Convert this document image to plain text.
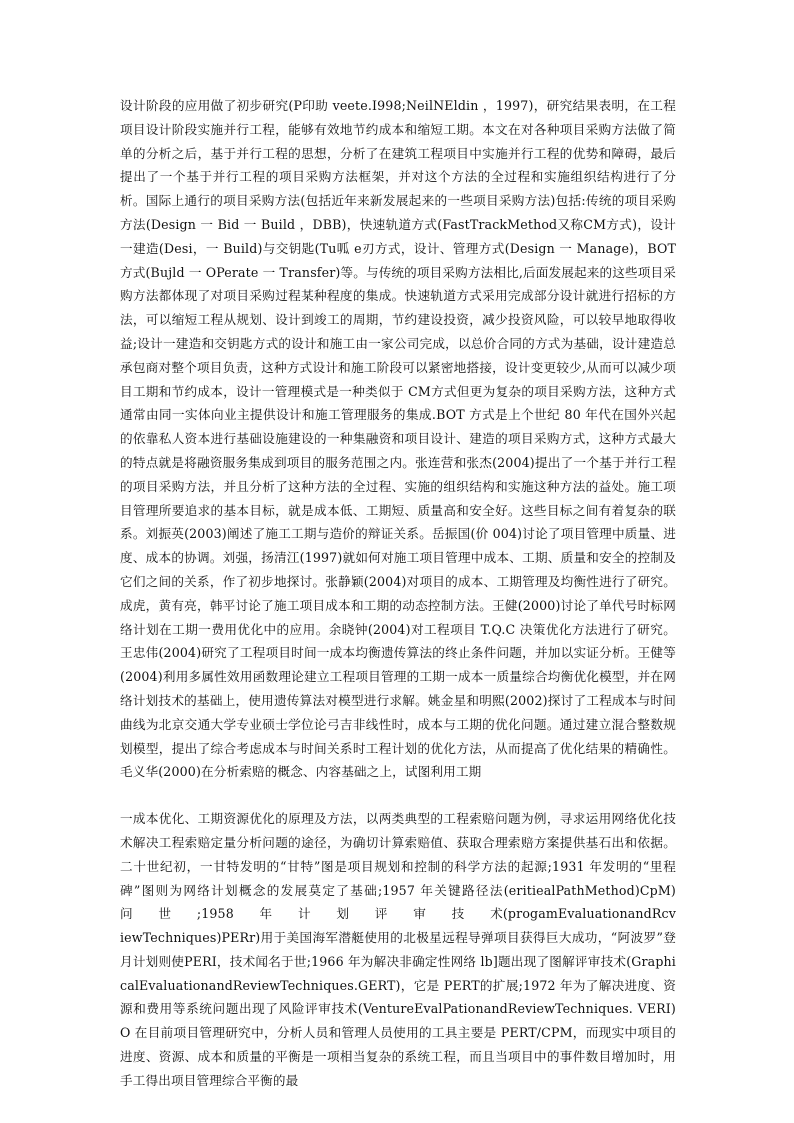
设计阶段的应用做了初步研究(P印助 veete.I998;NeilNEldin ，1997)，研究结果表明，在工程项目设计阶段实施并行工程，能够有效地节约成本和缩短工期。本文在对各种项目采购方法做了简单的分析之后，基于并行工程的思想，分析了在建筑工程项目中实施并行工程的优势和障碍，最后提出了一个基于并行工程的项目采购方法框架，并对这个方法的全过程和实施组织结构进行了分析。国际上通行的项目采购方法(包括近年来新发展起来的一些项目采购方法)包括:传统的项目采购方法(Design 一 Bid 一 Build ，DBB)，快速轨道方式(FastTrackMethod又称CM方式)，设计一建造(Desi，一 Build)与交钥匙(Tu呱 e刃方式，设计、管理方式(Design 一 Manage)，BOT 方式(Bujld 一 OPerate 一 Transfer)等。与传统的项目采购方法相比,后面发展起来的这些项目采购方法都体现了对项目采购过程某种程度的集成。快速轨道方式采用完成部分设计就进行招标的方法，可以缩短工程从规划、设计到竣工的周期，节约建设投资，减少投资风险，可以较早地取得收益;设计一建造和交钥匙方式的设计和施工由一家公司完成，以总价合同的方式为基础，设计建造总承包商对整个项目负责，这种方式设计和施工阶段可以紧密地搭接，设计变更较少,从而可以减少项目工期和节约成本，设计一管理模式是一种类似于 CM方式但更为复杂的项目采购方法，这种方式通常由同一实体向业主提供设计和施工管理服务的集成.BOT 方式是上个世纪 80 年代在国外兴起的依靠私人资本进行基础设施建设的一种集融资和项目设计、建造的项目采购方式，这种方式最大的特点就是将融资服务集成到项目的服务范围之内。张连营和张杰(2004)提出了一个基于并行工程的项目采购方法，并且分析了这种方法的全过程、实施的组织结构和实施这种方法的益处。施工项目管理所要追求的基本目标，就是成本低、工期短、质量高和安全好。这些目标之间有着复杂的联系。刘振英(2003)阐述了施工工期与造价的辩证关系。岳振国(价 004)讨论了项目管理中质量、进度、成本的协调。刘强，扬清江(1997)就如何对施工项目管理中成本、工期、质量和安全的控制及它们之间的关系，作了初步地探讨。张静颖(2004)对项目的成本、工期管理及均衡性进行了研究。成虎，黄有亮，韩平讨论了施工项目成本和工期的动态控制方法。王健(2000)讨论了单代号时标网络计划在工期一费用优化中的应用。余晓钟(2004)对工程项目 T.Q.C 决策优化方法进行了研究。王忠伟(2004)研究了工程项目时间一成本均衡遗传算法的终止条件问题，并加以实证分析。王健等(2004)利用多属性效用函数理论建立工程项目管理的工期一成本一质量综合均衡优化模型，并在网络计划技术的基础上，使用遗传算法对模型进行求解。姚金星和明熙(2002)探讨了工程成本与时间曲线为北京交通大学专业硕士学位论弓吉非线性时，成本与工期的优化问题。通过建立混合整数规划模型，提出了综合考虑成本与时间关系时工程计划的优化方法，从而提高了优化结果的精确性。毛义华(2000)在分析索赔的概念、内容基础之上，试图利用工期

一成本优化、工期资源优化的原理及方法，以两类典型的工程索赔问题为例，寻求运用网络优化技术解决工程索赔定量分析问题的途径，为确切计算索赔值、获取合理索赔方案提供基石出和依据。二十世纪初，一甘特发明的“甘特”图是项目规划和控制的科学方法的起源;1931 年发明的“里程碑”图则为网络计划概念的发展莫定了基础;1957 年关键路径法(eritiealPathMethod)CpM)　　问　　世　　;1958　　年　　计　　划　　评　　审　　技　　术(progamEvaluationandRcviewTechniques)PERr)用于美国海军潜艇使用的北极星远程导弹项目获得巨大成功，“阿波罗”登月计划则使PERI，技术闻名于世;1966 年为解决非确定性网络 lb]题出现了图解评审技术(GraphicalEvaluationandReviewTechniques.GERT)，它是 PERT的扩展;1972 年为了解决进度、资源和费用等系统问题出现了风险评审技术(VentureEvalPationandReviewTechniques. VERI)O 在目前项目管理研究中，分析人员和管理人员使用的工具主要是 PERT/CPM，而现实中项目的进度、资源、成本和质量的平衡是一项相当复杂的系统工程，而且当项目中的事件数目增加时，用手工得出项目管理综合平衡的最
